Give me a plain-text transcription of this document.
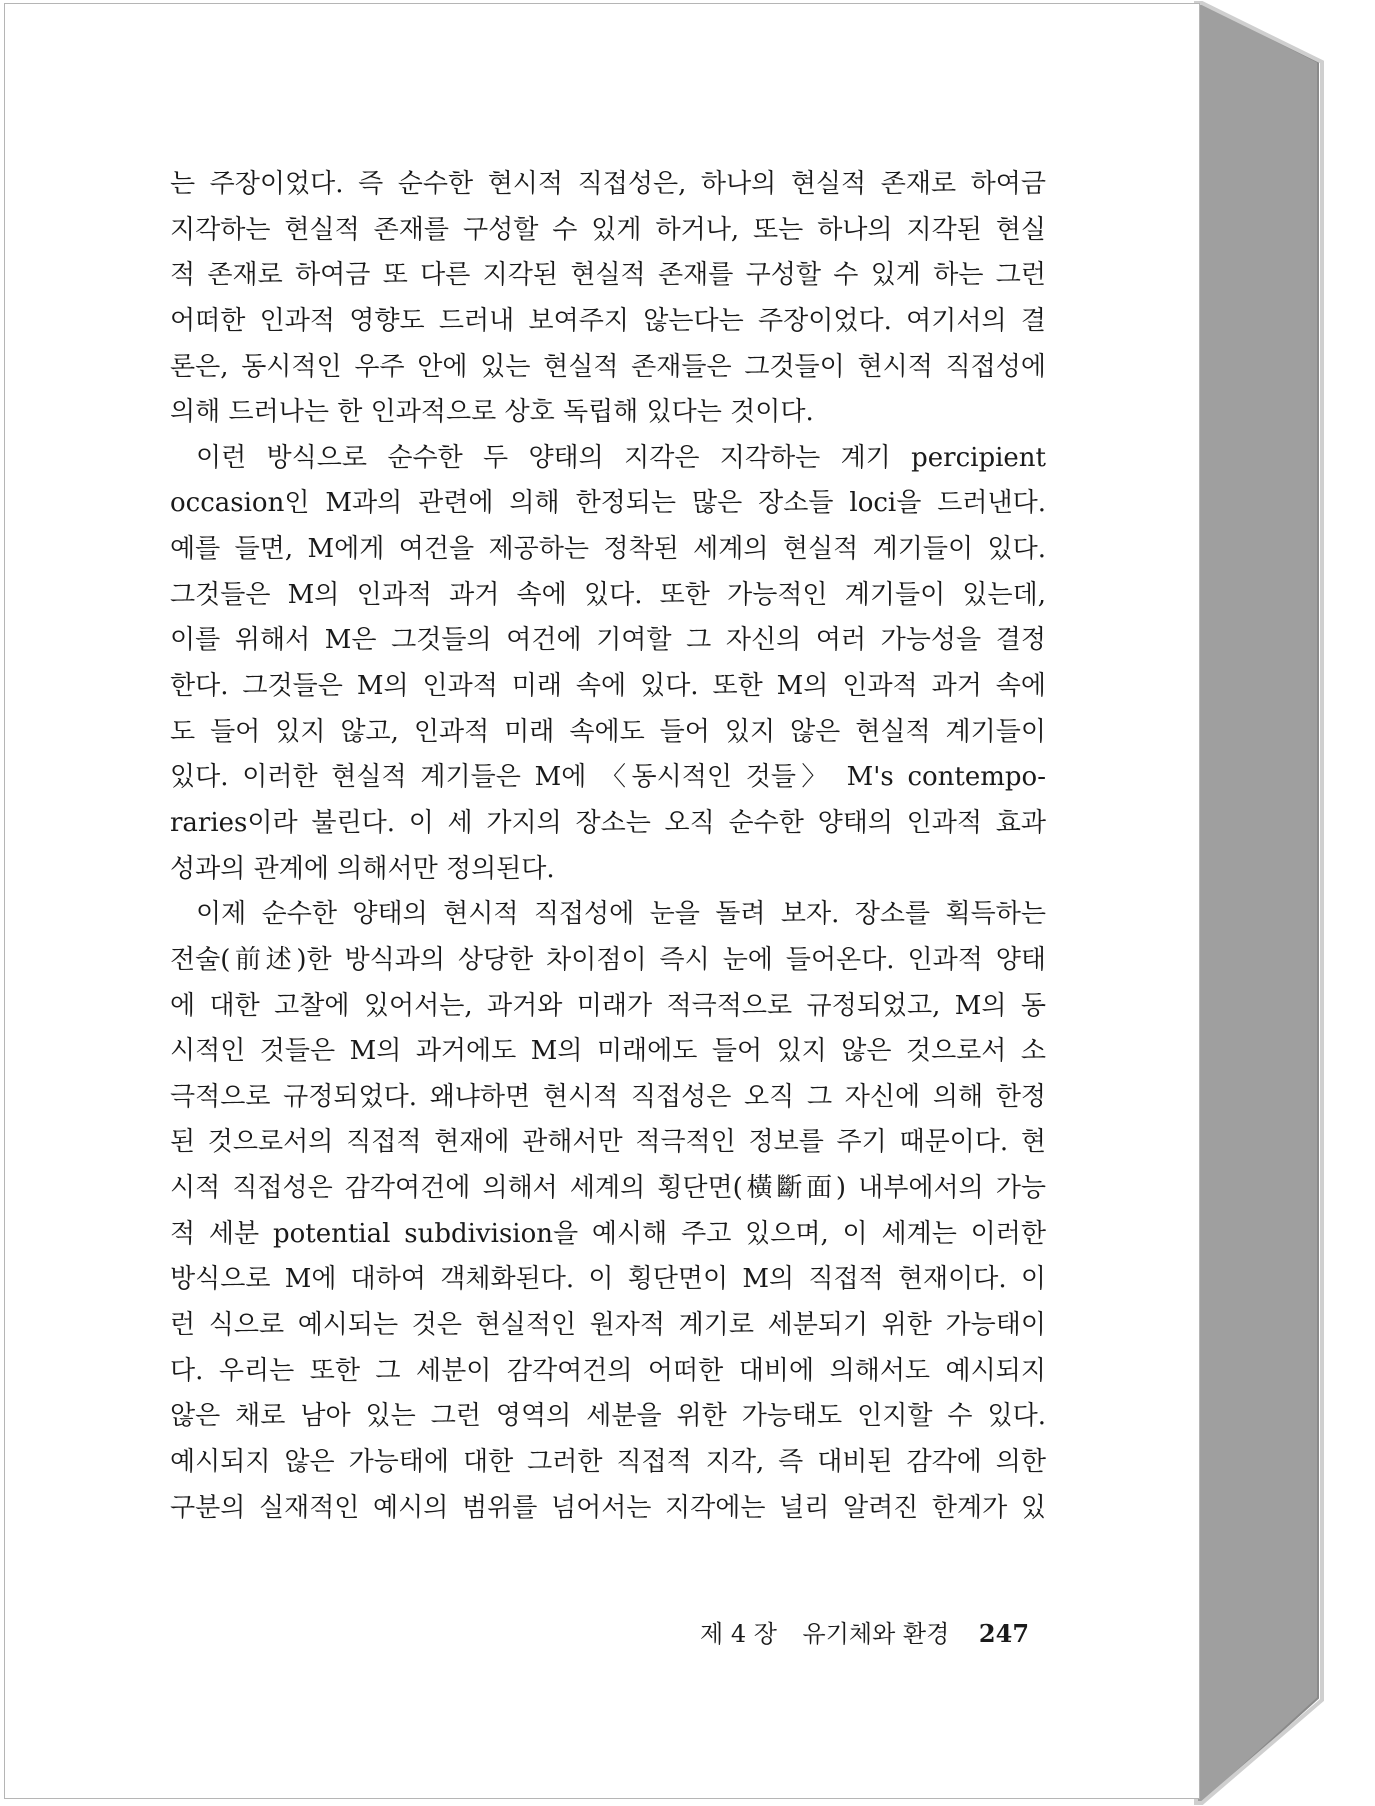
는 주장이었다. 즉 순수한 현시적 직접성은, 하나의 현실적 존재로 하여금
지각하는 현실적 존재를 구성할 수 있게 하거나, 또는 하나의 지각된 현실
적 존재로 하여금 또 다른 지각된 현실적 존재를 구성할 수 있게 하는 그런
어떠한 인과적 영향도 드러내 보여주지 않는다는 주장이었다. 여기서의 결
론은, 동시적인 우주 안에 있는 현실적 존재들은 그것들이 현시적 직접성에
의해 드러나는 한 인과적으로 상호 독립해 있다는 것이다.
이런 방식으로 순수한 두 양태의 지각은 지각하는 계기 percipient
occasion인 M과의 관련에 의해 한정되는 많은 장소들 loci을 드러낸다.
예를 들면, M에게 여건을 제공하는 정착된 세계의 현실적 계기들이 있다.
그것들은 M의 인과적 과거 속에 있다. 또한 가능적인 계기들이 있는데,
이를 위해서 M은 그것들의 여건에 기여할 그 자신의 여러 가능성을 결정
한다. 그것들은 M의 인과적 미래 속에 있다. 또한 M의 인과적 과거 속에
도 들어 있지 않고, 인과적 미래 속에도 들어 있지 않은 현실적 계기들이
있다. 이러한 현실적 계기들은 M에 〈동시적인 것들〉 M's contempo-
raries이라 불린다. 이 세 가지의 장소는 오직 순수한 양태의 인과적 효과
성과의 관계에 의해서만 정의된다.
이제 순수한 양태의 현시적 직접성에 눈을 돌려 보자. 장소를 획득하는
전술(前述)한 방식과의 상당한 차이점이 즉시 눈에 들어온다. 인과적 양태
에 대한 고찰에 있어서는, 과거와 미래가 적극적으로 규정되었고, M의 동
시적인 것들은 M의 과거에도 M의 미래에도 들어 있지 않은 것으로서 소
극적으로 규정되었다. 왜냐하면 현시적 직접성은 오직 그 자신에 의해 한정
된 것으로서의 직접적 현재에 관해서만 적극적인 정보를 주기 때문이다. 현
시적 직접성은 감각여건에 의해서 세계의 횡단면(橫斷面) 내부에서의 가능
적 세분 potential subdivision을 예시해 주고 있으며, 이 세계는 이러한
방식으로 M에 대하여 객체화된다. 이 횡단면이 M의 직접적 현재이다. 이
런 식으로 예시되는 것은 현실적인 원자적 계기로 세분되기 위한 가능태이
다. 우리는 또한 그 세분이 감각여건의 어떠한 대비에 의해서도 예시되지
않은 채로 남아 있는 그런 영역의 세분을 위한 가능태도 인지할 수 있다.
예시되지 않은 가능태에 대한 그러한 직접적 지각, 즉 대비된 감각에 의한
구분의 실재적인 예시의 범위를 넘어서는 지각에는 널리 알려진 한계가 있
제 4 장 유기체와 환경 247
